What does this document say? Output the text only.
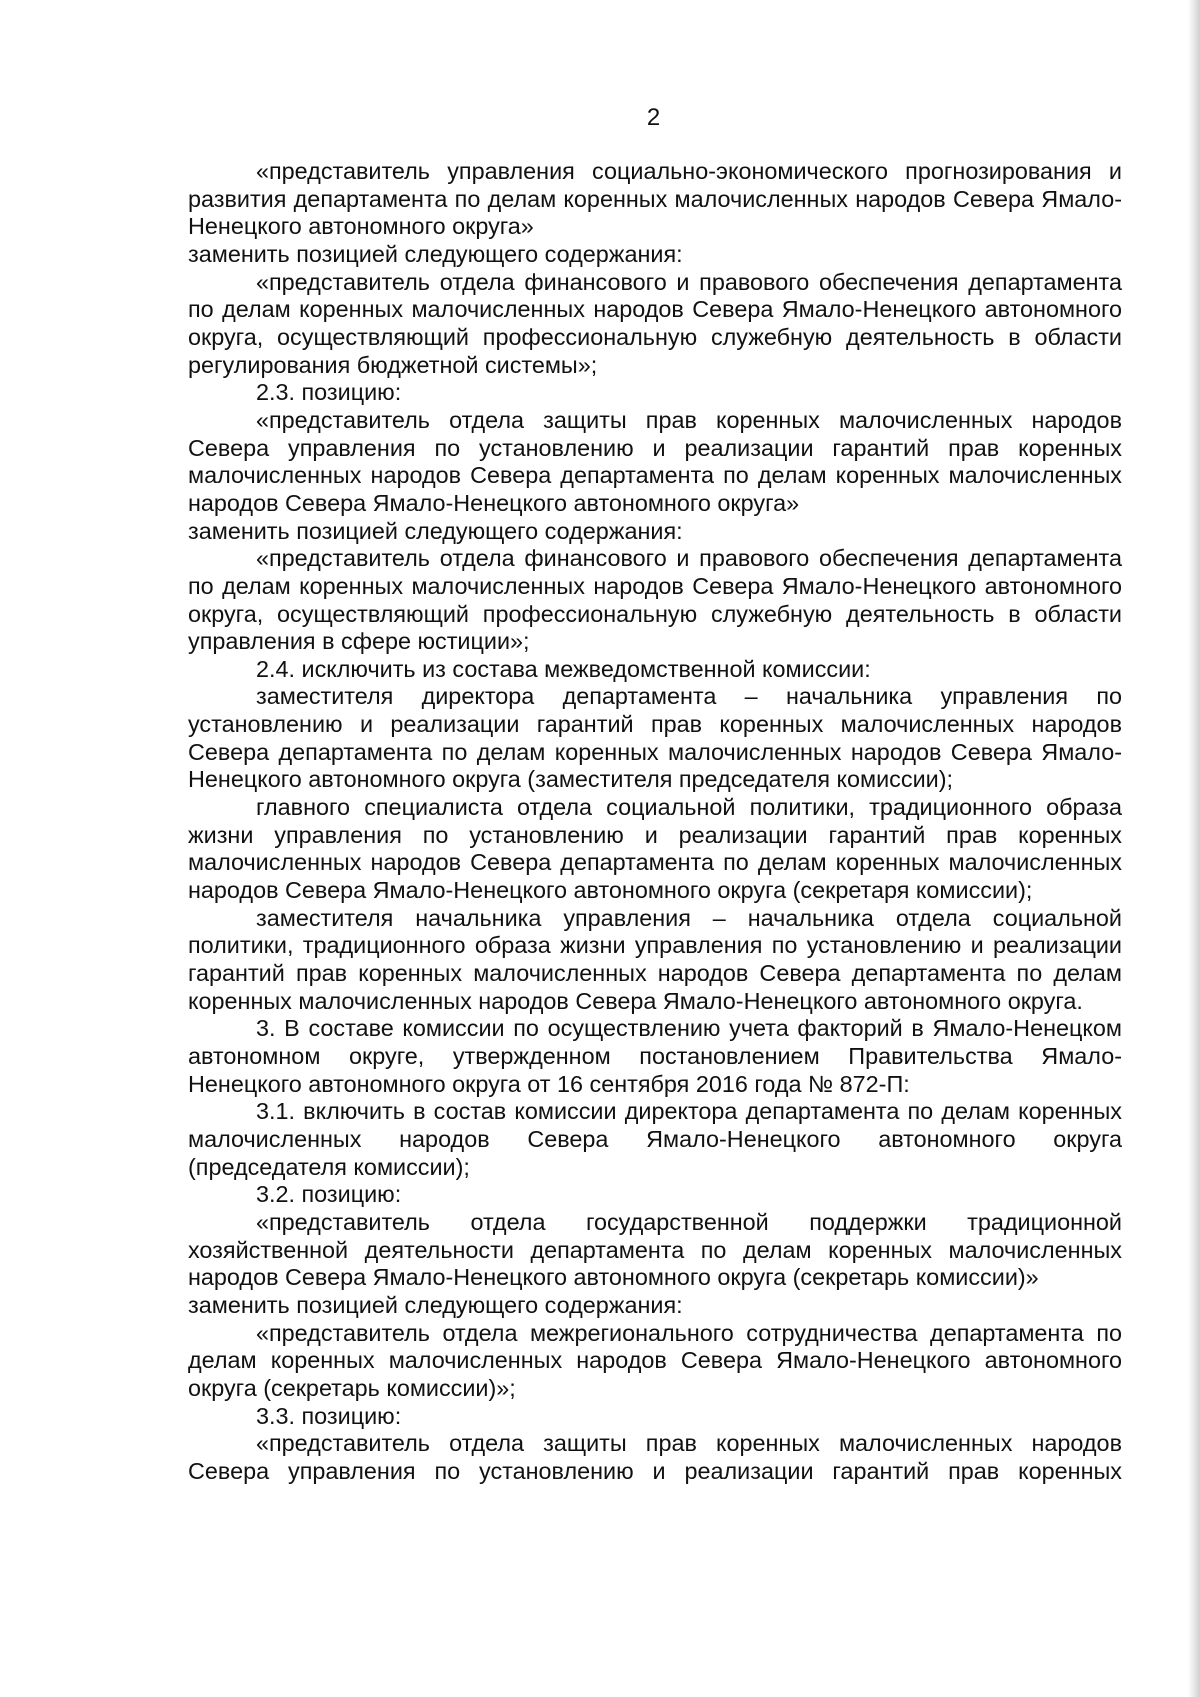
2

«представитель управления социально-экономического прогнозирования и развития департамента по делам коренных малочисленных народов Севера Ямало-Ненецкого автономного округа»

заменить позицией следующего содержания:

«представитель отдела финансового и правового обеспечения департамента по делам коренных малочисленных народов Севера Ямало-Ненецкого автономного округа, осуществляющий профессиональную служебную деятельность в области регулирования бюджетной системы»;

2.3. позицию:

«представитель отдела защиты прав коренных малочисленных народов Севера управления по установлению и реализации гарантий прав коренных малочисленных народов Севера департамента по делам коренных малочисленных народов Севера Ямало-Ненецкого автономного округа»

заменить позицией следующего содержания:

«представитель отдела финансового и правового обеспечения департамента по делам коренных малочисленных народов Севера Ямало-Ненецкого автономного округа, осуществляющий профессиональную служебную деятельность в области управления в сфере юстиции»;

2.4. исключить из состава межведомственной комиссии:

заместителя директора департамента – начальника управления по установлению и реализации гарантий прав коренных малочисленных народов Севера департамента по делам коренных малочисленных народов Севера Ямало-Ненецкого автономного округа (заместителя председателя комиссии);

главного специалиста отдела социальной политики, традиционного образа жизни управления по установлению и реализации гарантий прав коренных малочисленных народов Севера департамента по делам коренных малочисленных народов Севера Ямало-Ненецкого автономного округа (секретаря комиссии);

заместителя начальника управления – начальника отдела социальной политики, традиционного образа жизни управления по установлению и реализации гарантий прав коренных малочисленных народов Севера департамента по делам коренных малочисленных народов Севера Ямало-Ненецкого автономного округа.

3. В составе комиссии по осуществлению учета факторий в Ямало-Ненецком автономном округе, утвержденном постановлением Правительства Ямало-Ненецкого автономного округа от 16 сентября 2016 года № 872-П:

3.1. включить в состав комиссии директора департамента по делам коренных малочисленных народов Севера Ямало-Ненецкого автономного округа (председателя комиссии);

3.2. позицию:

«представитель отдела государственной поддержки традиционной хозяйственной деятельности департамента по делам коренных малочисленных народов Севера Ямало-Ненецкого автономного округа (секретарь комиссии)»

заменить позицией следующего содержания:

«представитель отдела межрегионального сотрудничества департамента по делам коренных малочисленных народов Севера Ямало-Ненецкого автономного округа (секретарь комиссии)»;

3.3. позицию:

«представитель отдела защиты прав коренных малочисленных народов Севера управления по установлению и реализации гарантий прав коренных
